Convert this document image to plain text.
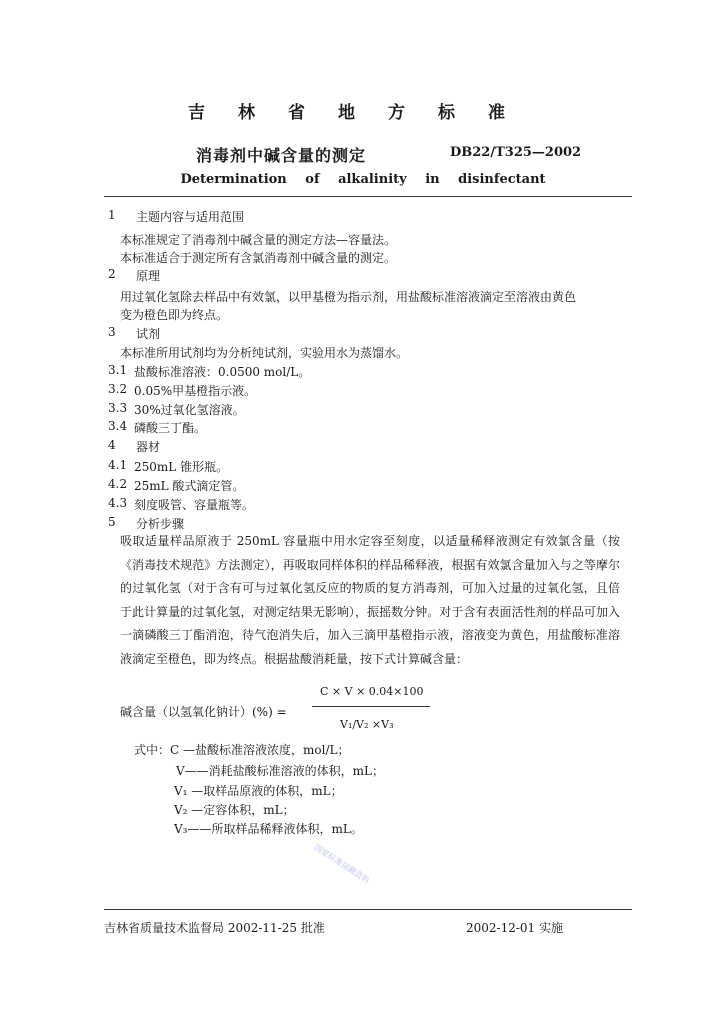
吉林省地方标准
消毒剂中碱含量的测定	DB22/T325—2002
Determination of alkalinity in disinfectant
1 主题内容与适用范围
本标准规定了消毒剂中碱含量的测定方法—容量法。
本标准适合于测定所有含氯消毒剂中碱含量的测定。
2 原理
用过氧化氢除去样品中有效氯，以甲基橙为指示剂，用盐酸标准溶液滴定至溶液由黄色
变为橙色即为终点。
3 试剂
本标准所用试剂均为分析纯试剂，实验用水为蒸馏水。
3.1 盐酸标准溶液：0.0500 mol/L。
3.2 0.05%甲基橙指示液。
3.3 30%过氧化氢溶液。
3.4 磷酸三丁酯。
4 器材
4.1 250mL 锥形瓶。
4.2 25mL 酸式滴定管。
4.3 刻度吸管、容量瓶等。
5 分析步骤
吸取适量样品原液于 250mL 容量瓶中用水定容至刻度，以适量稀释液测定有效氯含量（按《消毒技术规范》方法测定），再吸取同样体积的样品稀释液，根据有效氯含量加入与之等摩尔的过氧化氢（对于含有可与过氧化氢反应的物质的复方消毒剂，可加入过量的过氧化氢，且倍于此计算量的过氧化氢，对测定结果无影响），振摇数分钟。对于含有表面活性剂的样品可加入一滴磷酸三丁酯消泡，待气泡消失后，加入三滴甲基橙指示液，溶液变为黄色，用盐酸标准溶液滴定至橙色，即为终点。根据盐酸消耗量，按下式计算碱含量：
C × V × 0.04×100
碱含量（以氢氧化钠计）(%) =
V₁/V₂ ×V₃
式中：C —盐酸标准溶液浓度，mol/L；
V——消耗盐酸标准溶液的体积，mL；
V₁ —取样品原液的体积，mL；
V₂ —定容体积，mL；
V₃——所取样品稀释液体积，mL。
国家标准馆藏资料
吉林省质量技术监督局 2002-11-25 批准	2002-12-01 实施
